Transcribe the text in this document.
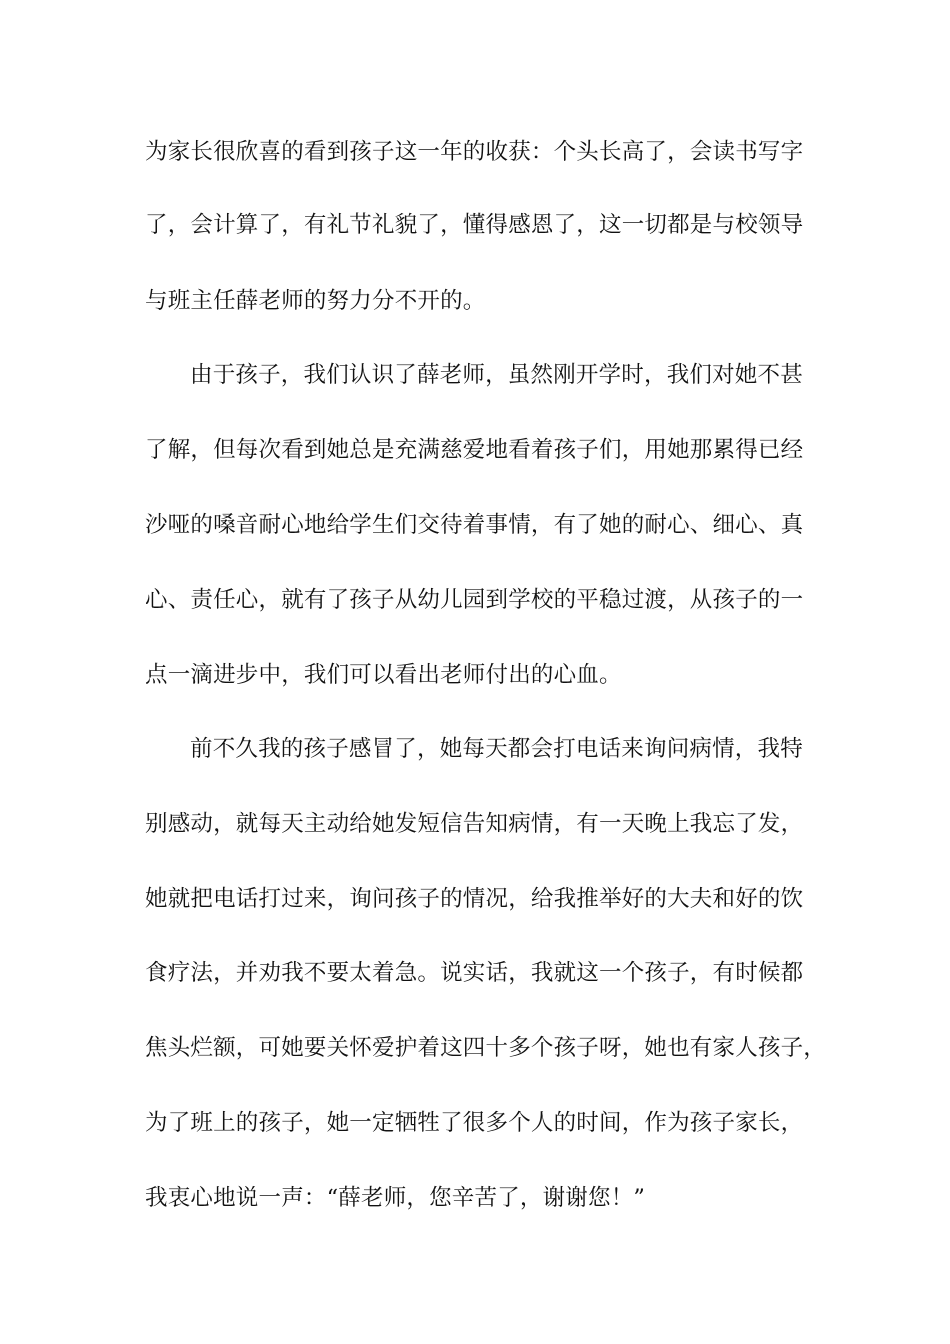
为家长很欣喜的看到孩子这一年的收获：个头长高了，会读书写字
了，会计算了，有礼节礼貌了，懂得感恩了，这一切都是与校领导
与班主任薛老师的努力分不开的。
由于孩子，我们认识了薛老师，虽然刚开学时，我们对她不甚
了解，但每次看到她总是充满慈爱地看着孩子们，用她那累得已经
沙哑的嗓音耐心地给学生们交待着事情，有了她的耐心、细心、真
心、责任心，就有了孩子从幼儿园到学校的平稳过渡，从孩子的一
点一滴进步中，我们可以看出老师付出的心血。
前不久我的孩子感冒了，她每天都会打电话来询问病情，我特
别感动，就每天主动给她发短信告知病情，有一天晚上我忘了发，
她就把电话打过来，询问孩子的情况，给我推举好的大夫和好的饮
食疗法，并劝我不要太着急。说实话，我就这一个孩子，有时候都
焦头烂额，可她要关怀爱护着这四十多个孩子呀，她也有家人孩子，
为了班上的孩子，她一定牺牲了很多个人的时间，作为孩子家长，
我衷心地说一声：“薛老师，您辛苦了，谢谢您！”
